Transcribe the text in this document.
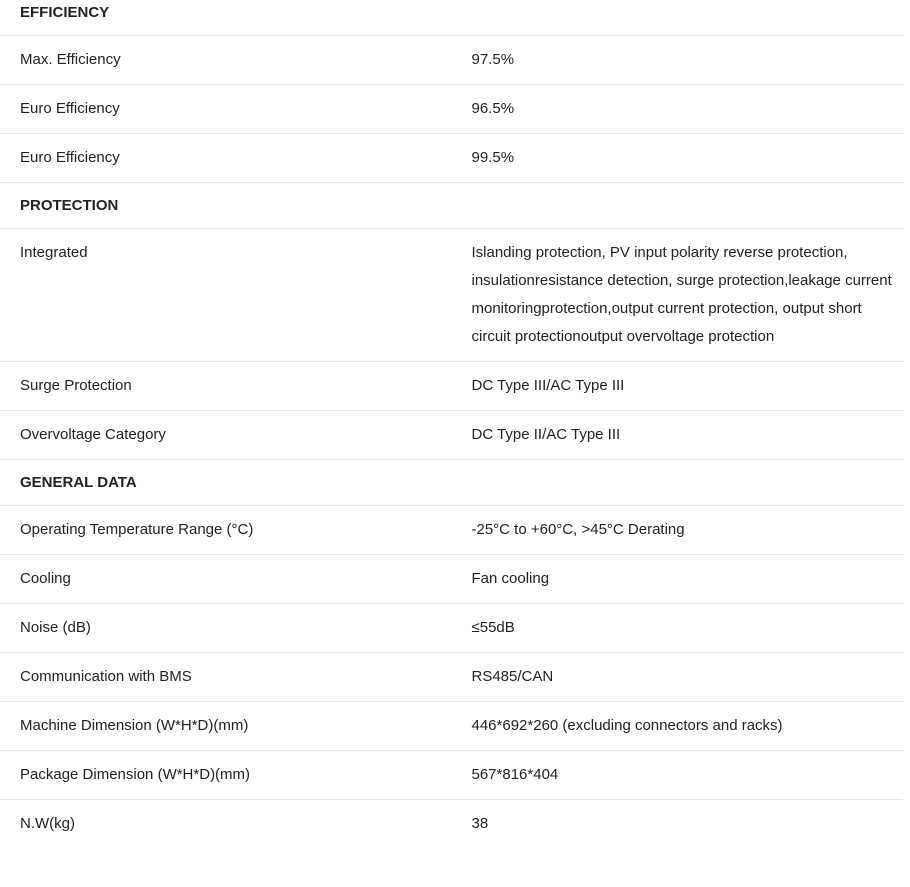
EFFICIENCY	
Max. Efficiency	97.5%
Euro Efficiency	96.5%
Euro Efficiency	99.5%
PROTECTION	
Integrated	Islanding protection, PV input polarity reverse protection, insulationresistance detection, surge protection,leakage current monitoringprotection,output current protection, output short circuit protectionoutput overvoltage protection
Surge Protection	DC Type III/AC Type III
Overvoltage Category	DC Type II/AC Type III
GENERAL DATA	
Operating Temperature Range (°C)	-25°C to +60°C, >45°C Derating
Cooling	Fan cooling
Noise (dB)	≤55dB
Communication with BMS	RS485/CAN
Machine Dimension (W*H*D)(mm)	446*692*260 (excluding connectors and racks)
Package Dimension (W*H*D)(mm)	567*816*404
N.W(kg)	38
